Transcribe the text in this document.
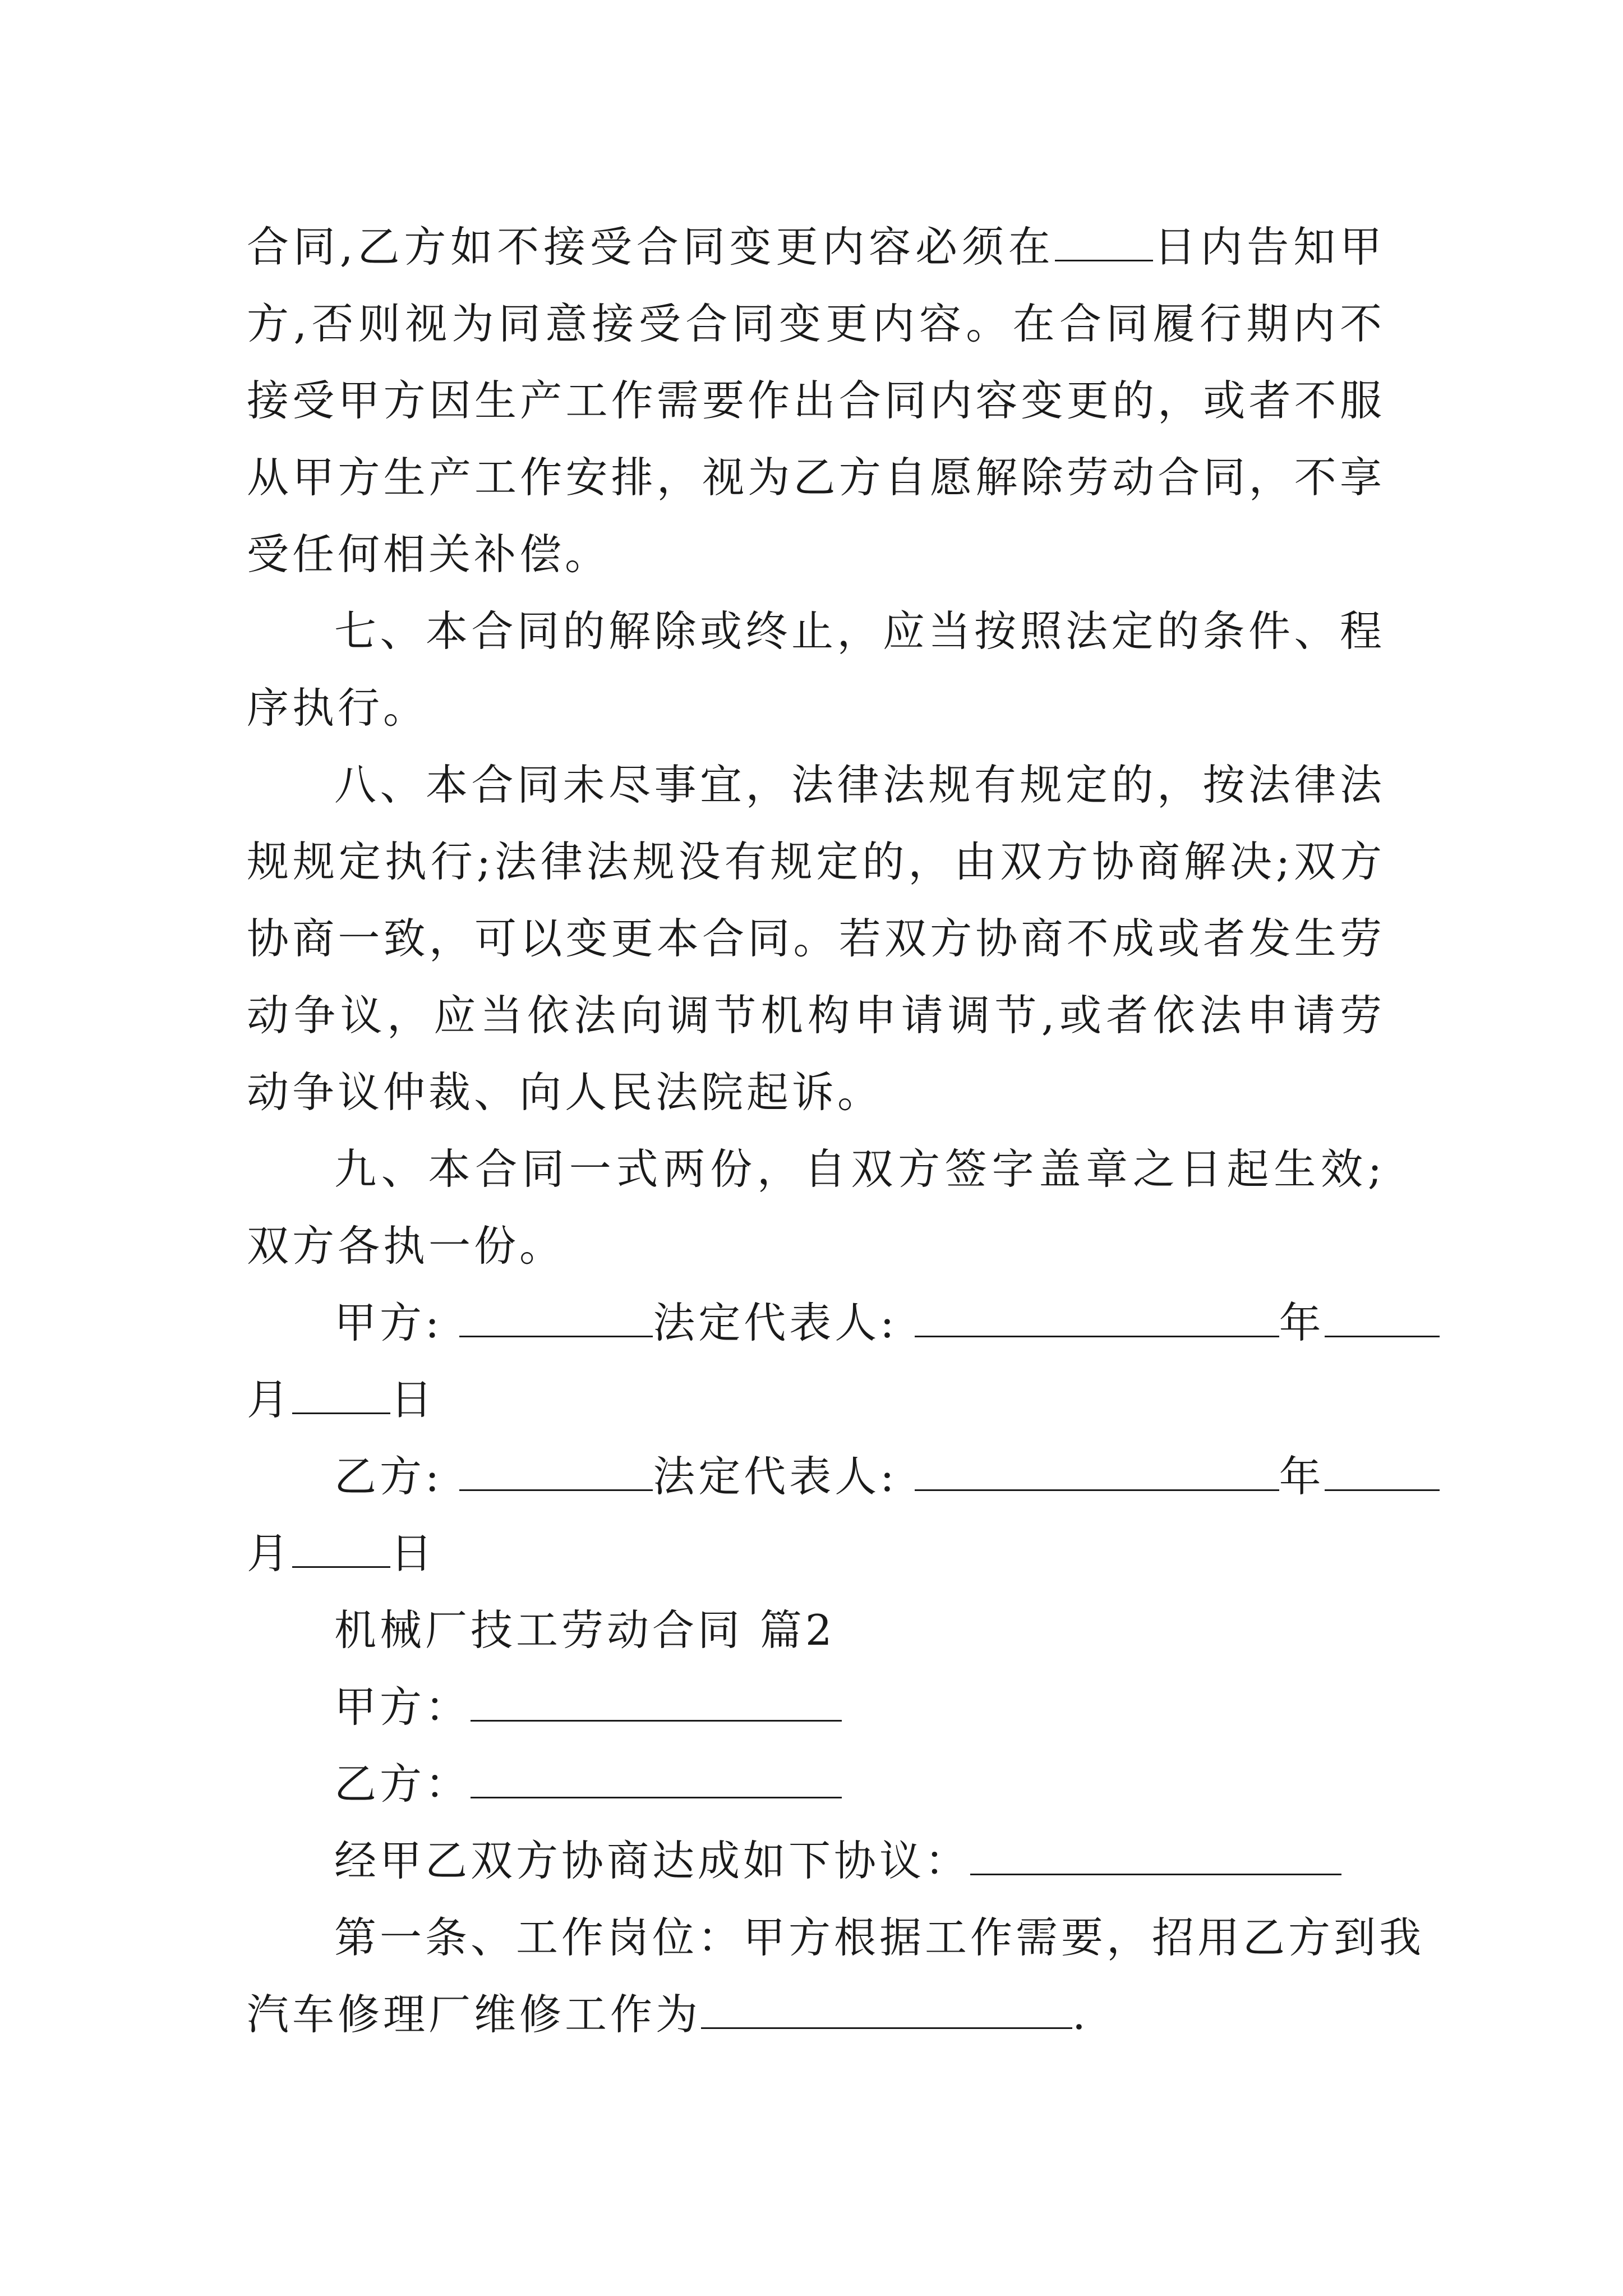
合同,乙方如不接受合同变更内容必须在 日内告知甲方,否则视为同意接受合同变更内容。在合同履行期内不接受甲方因生产工作需要作出合同内容变更的，或者不服从甲方生产工作安排，视为乙方自愿解除劳动合同，不享受任何相关补偿。

七、本合同的解除或终止，应当按照法定的条件、程序执行。

八、本合同未尽事宜，法律法规有规定的，按法律法规规定执行;法律法规没有规定的，由双方协商解决;双方协商一致，可以变更本合同。若双方协商不成或者发生劳动争议，应当依法向调节机构申请调节,或者依法申请劳动争议仲裁、向人民法院起诉。

九、本合同一式两份，自双方签字盖章之日起生效;双方各执一份。

甲方:	法定代表人:	年

月 日

乙方:	法定代表人:	年

月 日

机械厂技工劳动合同 篇2

甲方：

乙方：

经甲乙双方协商达成如下协议：

第一条、工作岗位：甲方根据工作需要，招用乙方到我

汽车修理厂维修工作为	.
